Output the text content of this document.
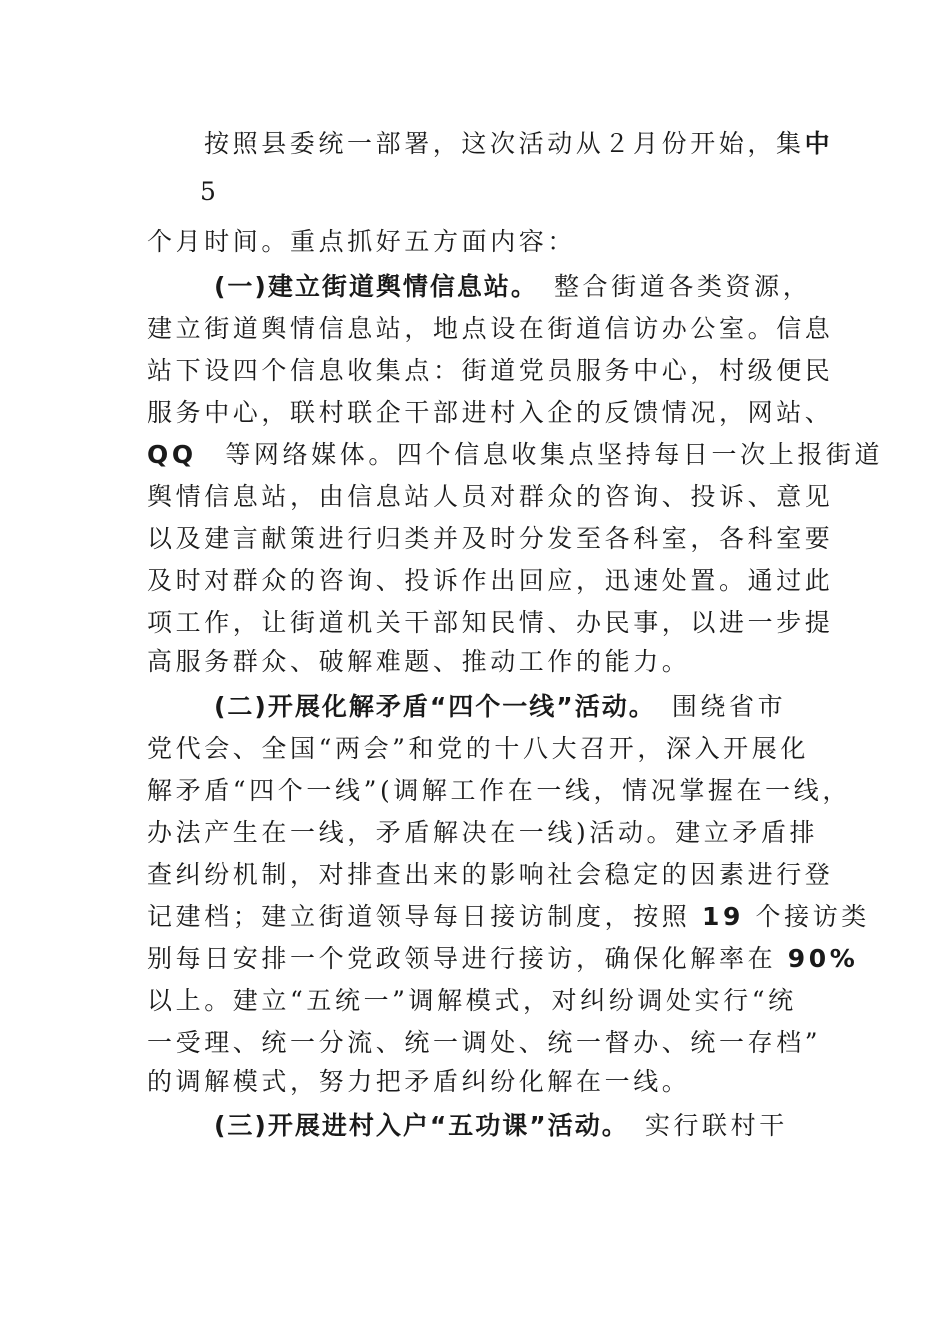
按照县委统一部署，这次活动从２月份开始，集中
5
个月时间。重点抓好五方面内容：
(一)建立街道舆情信息站。　整合街道各类资源，
建立街道舆情信息站，地点设在街道信访办公室。信息
站下设四个信息收集点：街道党员服务中心，村级便民
服务中心，联村联企干部进村入企的反馈情况，网站、
QQ　等网络媒体。四个信息收集点坚持每日一次上报街道
舆情信息站，由信息站人员对群众的咨询、投诉、意见
以及建言献策进行归类并及时分发至各科室，各科室要
及时对群众的咨询、投诉作出回应，迅速处置。通过此
项工作，让街道机关干部知民情、办民事，以进一步提
高服务群众、破解难题、推动工作的能力。
(二)开展化解矛盾“四个一线”活动。　围绕省市
党代会、全国“两会”和党的十八大召开，深入开展化
解矛盾“四个一线”(调解工作在一线，情况掌握在一线，
办法产生在一线，矛盾解决在一线)活动。建立矛盾排
查纠纷机制，对排查出来的影响社会稳定的因素进行登
记建档；建立街道领导每日接访制度，按照 19 个接访类
别每日安排一个党政领导进行接访，确保化解率在 90%
以上。建立“五统一”调解模式，对纠纷调处实行“统
一受理、统一分流、统一调处、统一督办、统一存档”
的调解模式，努力把矛盾纠纷化解在一线。
(三)开展进村入户“五功课”活动。　实行联村干
